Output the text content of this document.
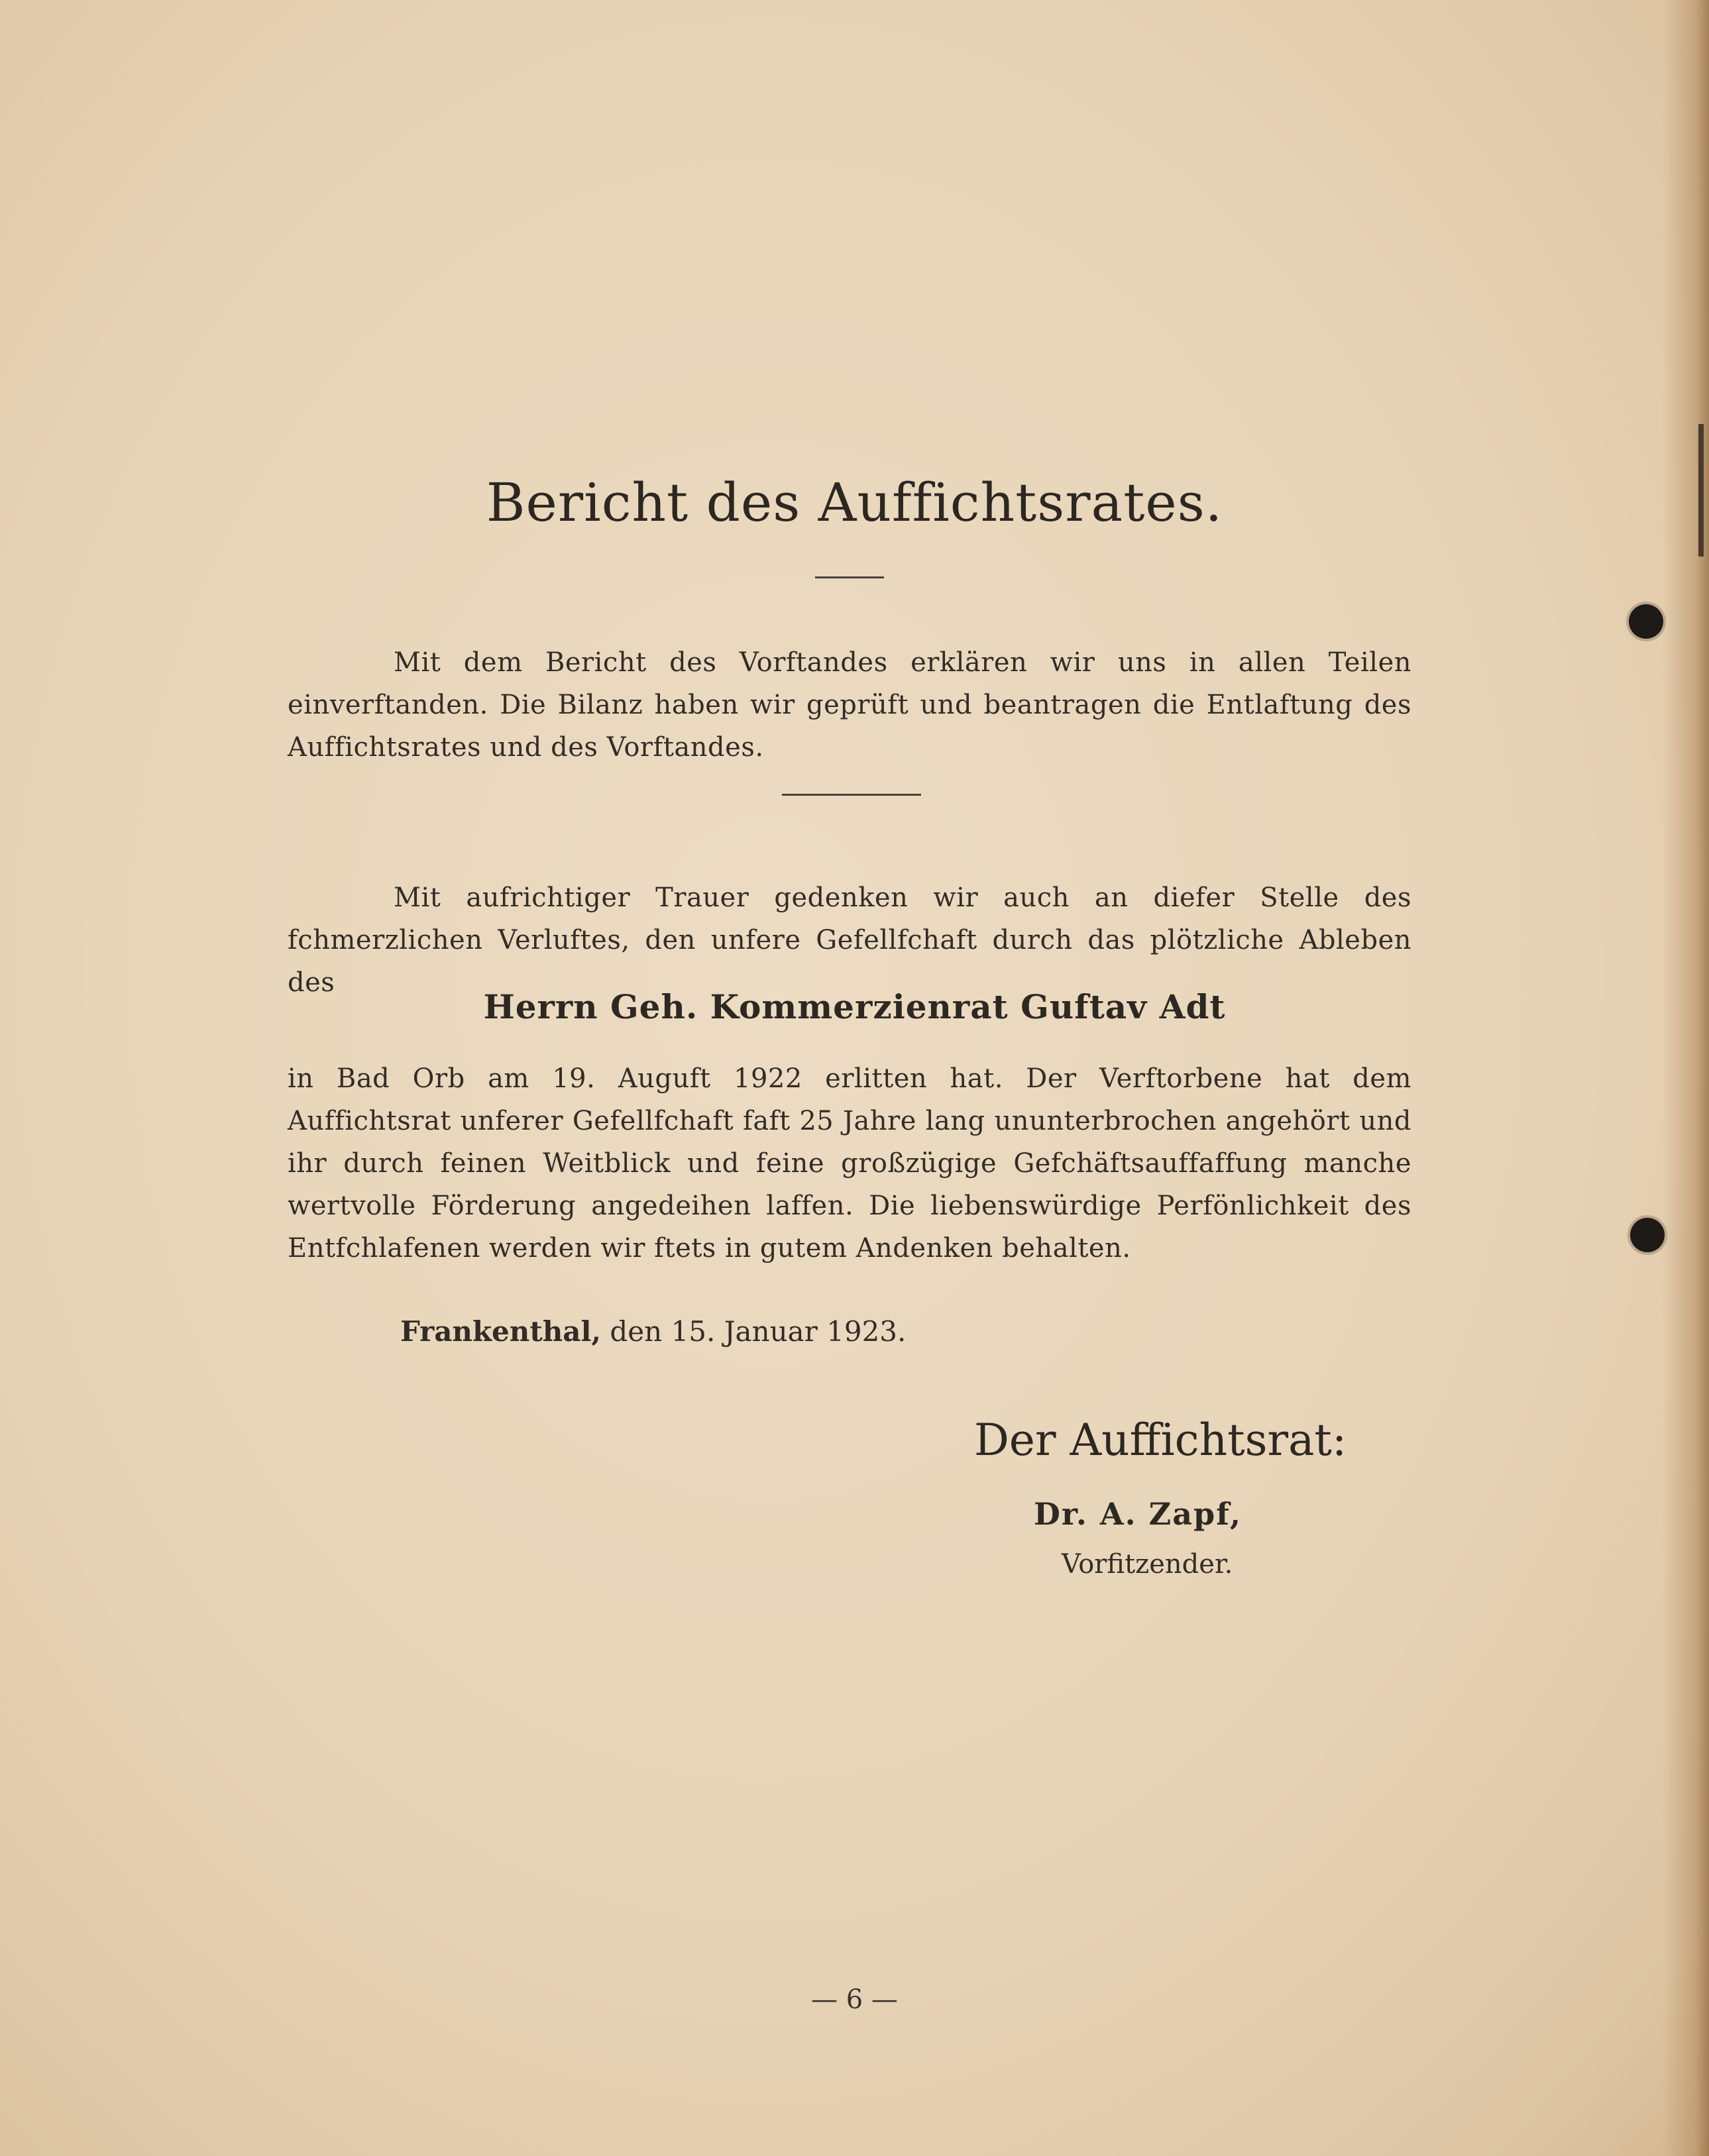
Bericht des Auffichtsrates.
Mit dem Bericht des Vorftandes erklären wir uns in allen Teilen einverftanden. Die Bilanz haben wir geprüft und beantragen die Entlaftung des Auffichtsrates und des Vorftandes.
Mit aufrichtiger Trauer gedenken wir auch an diefer Stelle des fchmerzlichen Verluftes, den unfere Gefellfchaft durch das plötzliche Ableben des
Herrn Geh. Kommerzienrat Guftav Adt
in Bad Orb am 19. Auguft 1922 erlitten hat. Der Verftorbene hat dem Auffichtsrat unferer Gefellfchaft faft 25 Jahre lang ununterbrochen angehört und ihr durch feinen Weitblick und feine großzügige Gefchäftsauffaffung manche wertvolle Förderung angedeihen laffen. Die liebenswürdige Perfönlichkeit des Entfchlafenen werden wir ftets in gutem Andenken behalten.
Frankenthal, den 15. Januar 1923.
Der Auffichtsrat:
Dr. A. Zapf,
Vorfitzender.
— 6 —
